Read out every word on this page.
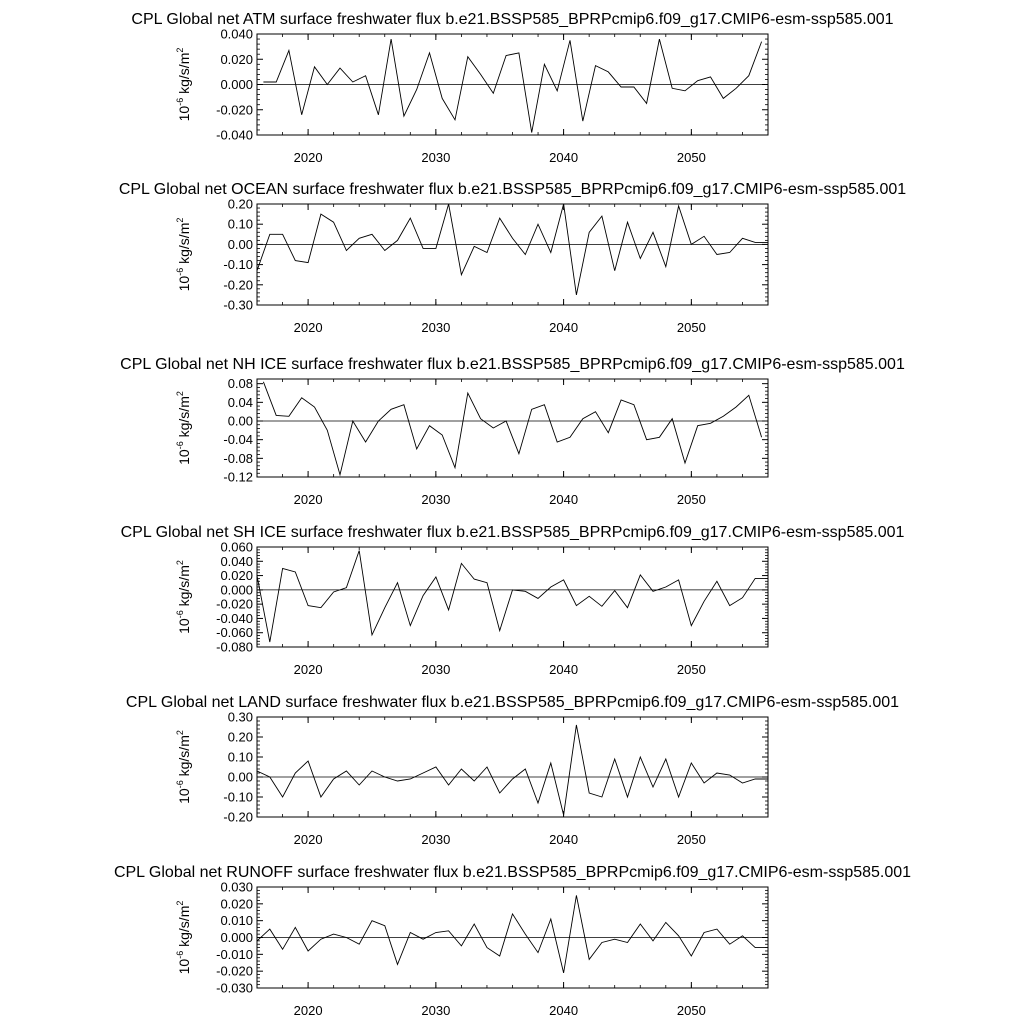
CPL Global net ATM surface freshwater flux b.e21.BSSP585_BPRPcmip6.f09_g17.CMIP6-esm-ssp585.001
-0.040
-0.020
0.000
0.020
0.040
2020	2030	2040	2050
$10^{-6}$ $kg/s/m^2$
CPL Global net OCEAN surface freshwater flux b.e21.BSSP585_BPRPcmip6.f09_g17.CMIP6-esm-ssp585.001
-0.30
-0.20
-0.10
0.00
0.10
0.20
2020	2030	2040	2050
$10^{-6}$ $kg/s/m^2$
CPL Global net NH ICE surface freshwater flux b.e21.BSSP585_BPRPcmip6.f09_g17.CMIP6-esm-ssp585.001
-0.12
-0.08
-0.04
0.00
0.04
0.08
2020	2030	2040	2050
$10^{-6}$ $kg/s/m^2$
CPL Global net SH ICE surface freshwater flux b.e21.BSSP585_BPRPcmip6.f09_g17.CMIP6-esm-ssp585.001
-0.080
-0.060
-0.040
-0.020
0.000
0.020
0.040
0.060
2020	2030	2040	2050
$10^{-6}$ $kg/s/m^2$
CPL Global net LAND surface freshwater flux b.e21.BSSP585_BPRPcmip6.f09_g17.CMIP6-esm-ssp585.001
-0.20
-0.10
0.00
0.10
0.20
0.30
2020	2030	2040	2050
$10^{-6}$ $kg/s/m^2$
CPL Global net RUNOFF surface freshwater flux b.e21.BSSP585_BPRPcmip6.f09_g17.CMIP6-esm-ssp585.001
-0.030
-0.020
-0.010
0.000
0.010
0.020
0.030
2020	2030	2040	2050
$10^{-6}$ $kg/s/m^2$
